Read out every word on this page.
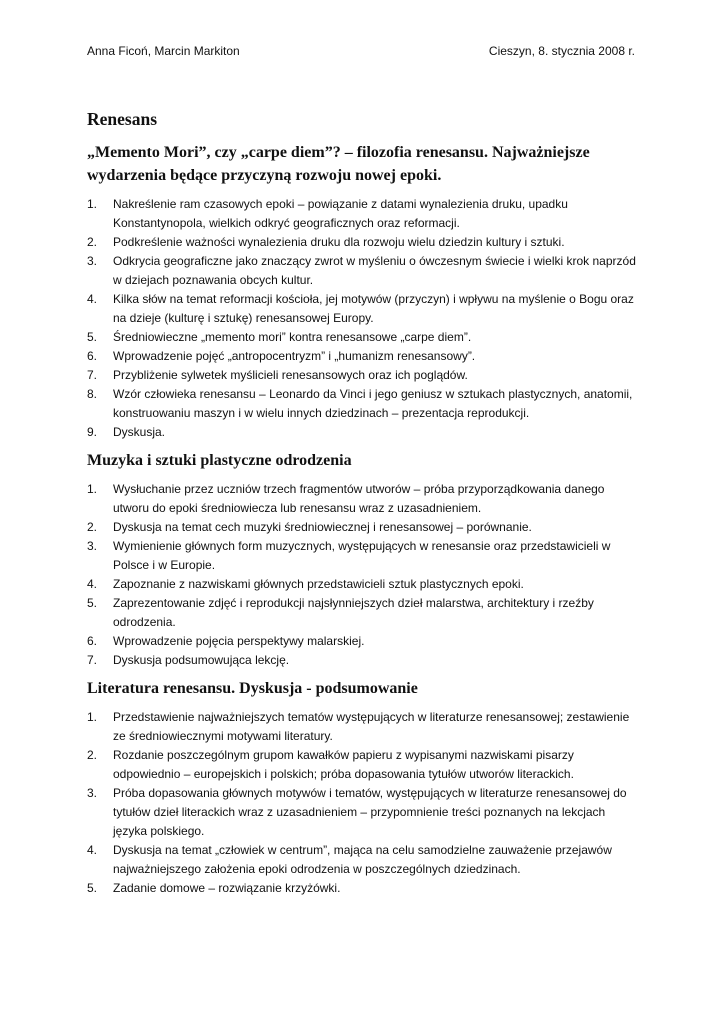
Anna Ficoń, Marcin Markiton	Cieszyn, 8. stycznia 2008 r.
Renesans
„Memento Mori”, czy „carpe diem”? – filozofia renesansu. Najważniejsze wydarzenia będące przyczyną rozwoju nowej epoki.
1.	Nakreślenie ram czasowych epoki – powiązanie z datami wynalezienia druku, upadku Konstantynopola, wielkich odkryć geograficznych oraz reformacji.
2.	Podkreślenie ważności wynalezienia druku dla rozwoju wielu dziedzin kultury i sztuki.
3.	Odkrycia geograficzne jako znaczący zwrot w myśleniu o ówczesnym świecie i wielki krok naprzód w dziejach poznawania obcych kultur.
4.	Kilka słów na temat reformacji kościoła, jej motywów (przyczyn) i wpływu na myślenie o Bogu oraz na dzieje (kulturę i sztukę) renesansowej Europy.
5.	Średniowieczne „memento mori” kontra renesansowe „carpe diem”.
6.	Wprowadzenie pojęć „antropocentryzm” i „humanizm renesansowy”.
7.	Przybliżenie sylwetek myślicieli renesansowych oraz ich poglądów.
8.	Wzór człowieka renesansu – Leonardo da Vinci i jego geniusz w sztukach plastycznych, anatomii, konstruowaniu maszyn i w wielu innych dziedzinach – prezentacja reprodukcji.
9.	Dyskusja.
Muzyka i sztuki plastyczne odrodzenia
1.	Wysłuchanie przez uczniów trzech fragmentów utworów – próba przyporządkowania danego utworu do epoki średniowiecza lub renesansu wraz z uzasadnieniem.
2.	Dyskusja na temat cech muzyki średniowiecznej i renesansowej – porównanie.
3.	Wymienienie głównych form muzycznych, występujących w renesansie oraz przedstawicieli w Polsce i w Europie.
4.	Zapoznanie z nazwiskami głównych przedstawicieli sztuk plastycznych epoki.
5.	Zaprezentowanie zdjęć i reprodukcji najsłynniejszych dzieł malarstwa, architektury i rzeźby odrodzenia.
6.	Wprowadzenie pojęcia perspektywy malarskiej.
7.	Dyskusja podsumowująca lekcję.
Literatura renesansu. Dyskusja - podsumowanie
1.	Przedstawienie najważniejszych tematów występujących w literaturze renesansowej; zestawienie ze średniowiecznymi motywami literatury.
2.	Rozdanie poszczególnym grupom kawałków papieru z wypisanymi nazwiskami pisarzy odpowiednio – europejskich i polskich; próba dopasowania tytułów utworów literackich.
3.	Próba dopasowania głównych motywów i tematów, występujących w literaturze renesansowej do tytułów dzieł literackich wraz z uzasadnieniem – przypomnienie treści poznanych na lekcjach języka polskiego.
4.	Dyskusja na temat „człowiek w centrum”, mająca na celu samodzielne zauważenie przejawów najważniejszego założenia epoki odrodzenia w poszczególnych dziedzinach.
5.	Zadanie domowe – rozwiązanie krzyżówki.
